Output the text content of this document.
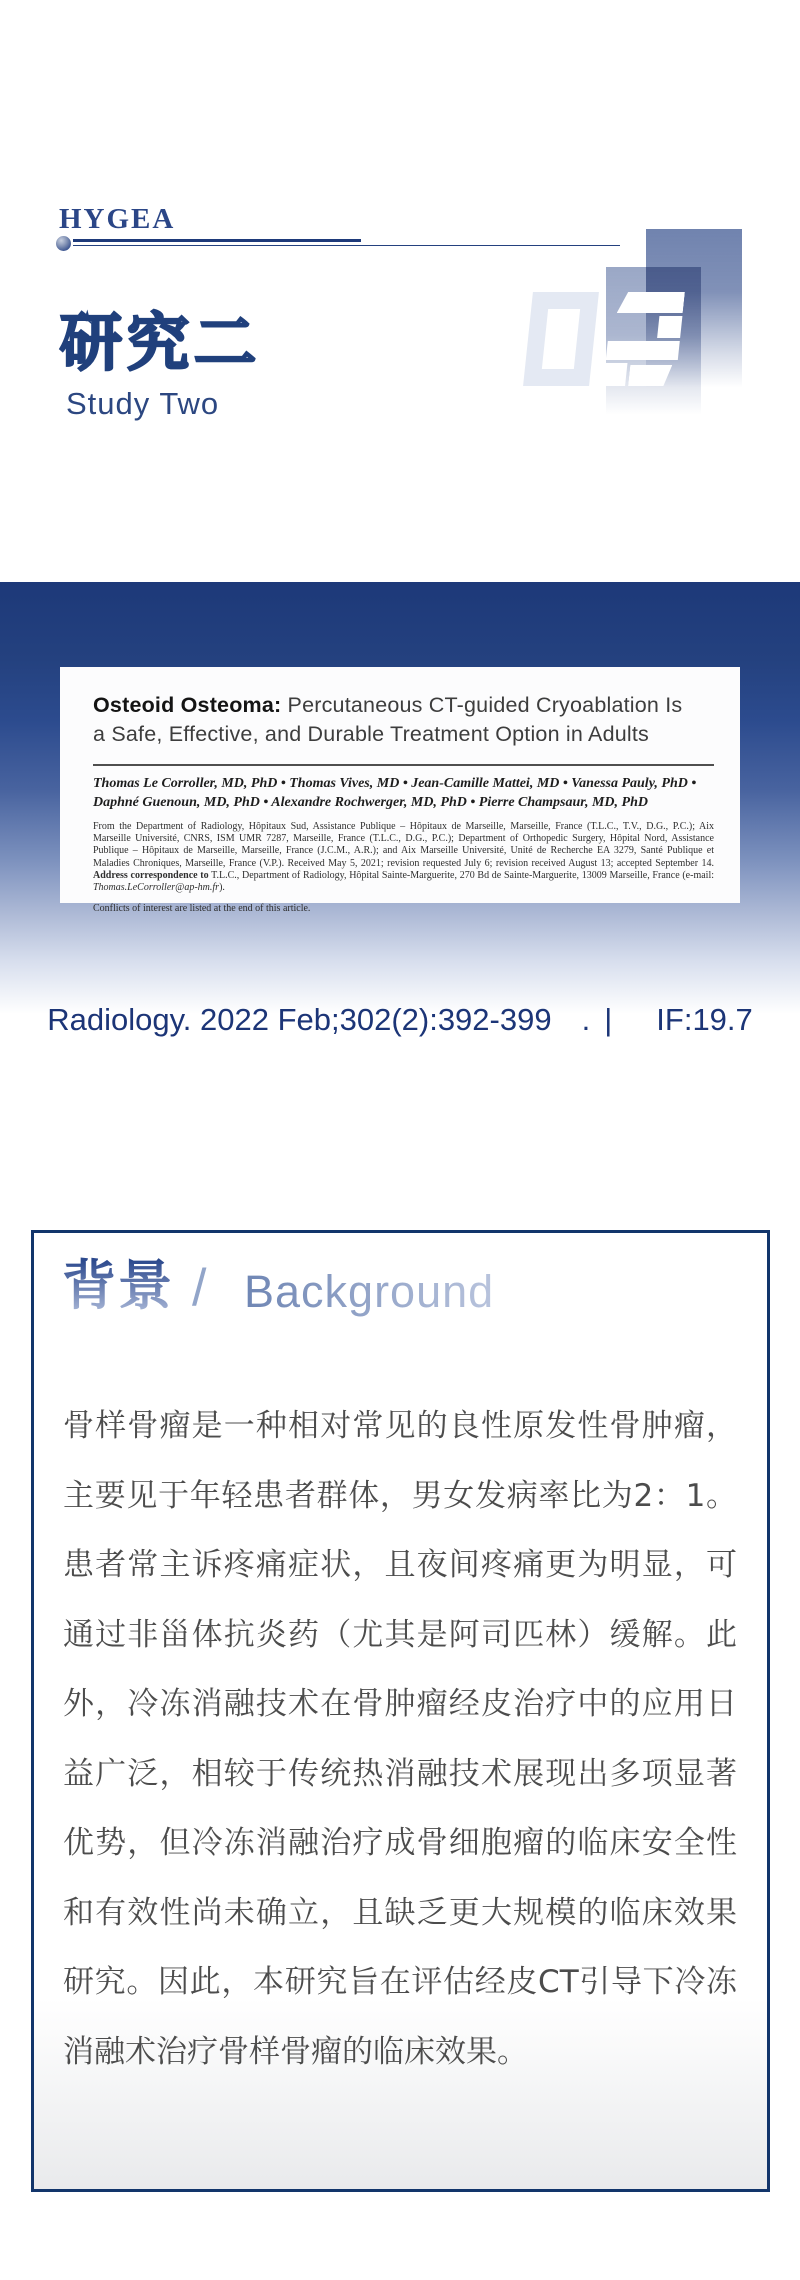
HYGEA
研究二
Study Two
Osteoid Osteoma: Percutaneous CT-guided Cryoablation Is
a Safe, Effective, and Durable Treatment Option in Adults
Thomas Le Corroller, MD, PhD • Thomas Vives, MD • Jean-Camille Mattei, MD • Vanessa Pauly, PhD •
Daphné Guenoun, MD, PhD • Alexandre Rochwerger, MD, PhD • Pierre Champsaur, MD, PhD
From the Department of Radiology, Hôpitaux Sud, Assistance Publique – Hôpitaux de Marseille, Marseille, France (T.L.C., T.V., D.G., P.C.); Aix Marseille Université, CNRS, ISM UMR 7287, Marseille, France (T.L.C., D.G., P.C.); Department of Orthopedic Surgery, Hôpital Nord, Assistance Publique – Hôpitaux de Marseille, Marseille, France (J.C.M., A.R.); and Aix Marseille Université, Unité de Recherche EA 3279, Santé Publique et Maladies Chroniques, Marseille, France (V.P.). Received May 5, 2021; revision requested July 6; revision received August 13; accepted September 14. Address correspondence to T.L.C., Department of Radiology, Hôpital Sainte-Marguerite, 270 Bd de Sainte-Marguerite, 13009 Marseille, France (e-mail: Thomas.LeCorroller@ap-hm.fr).
Conflicts of interest are listed at the end of this article.
Radiology. 2022 Feb;302(2):392-399 . | IF:19.7
背景 / Background
骨样骨瘤是一种相对常见的良性原发性骨肿瘤，
主要见于年轻患者群体，男女发病率比为2：1。
患者常主诉疼痛症状，且夜间疼痛更为明显，可
通过非甾体抗炎药（尤其是阿司匹林）缓解。此
外，冷冻消融技术在骨肿瘤经皮治疗中的应用日
益广泛，相较于传统热消融技术展现出多项显著
优势，但冷冻消融治疗成骨细胞瘤的临床安全性
和有效性尚未确立，且缺乏更大规模的临床效果
研究。因此，本研究旨在评估经皮CT引导下冷冻
消融术治疗骨样骨瘤的临床效果。
